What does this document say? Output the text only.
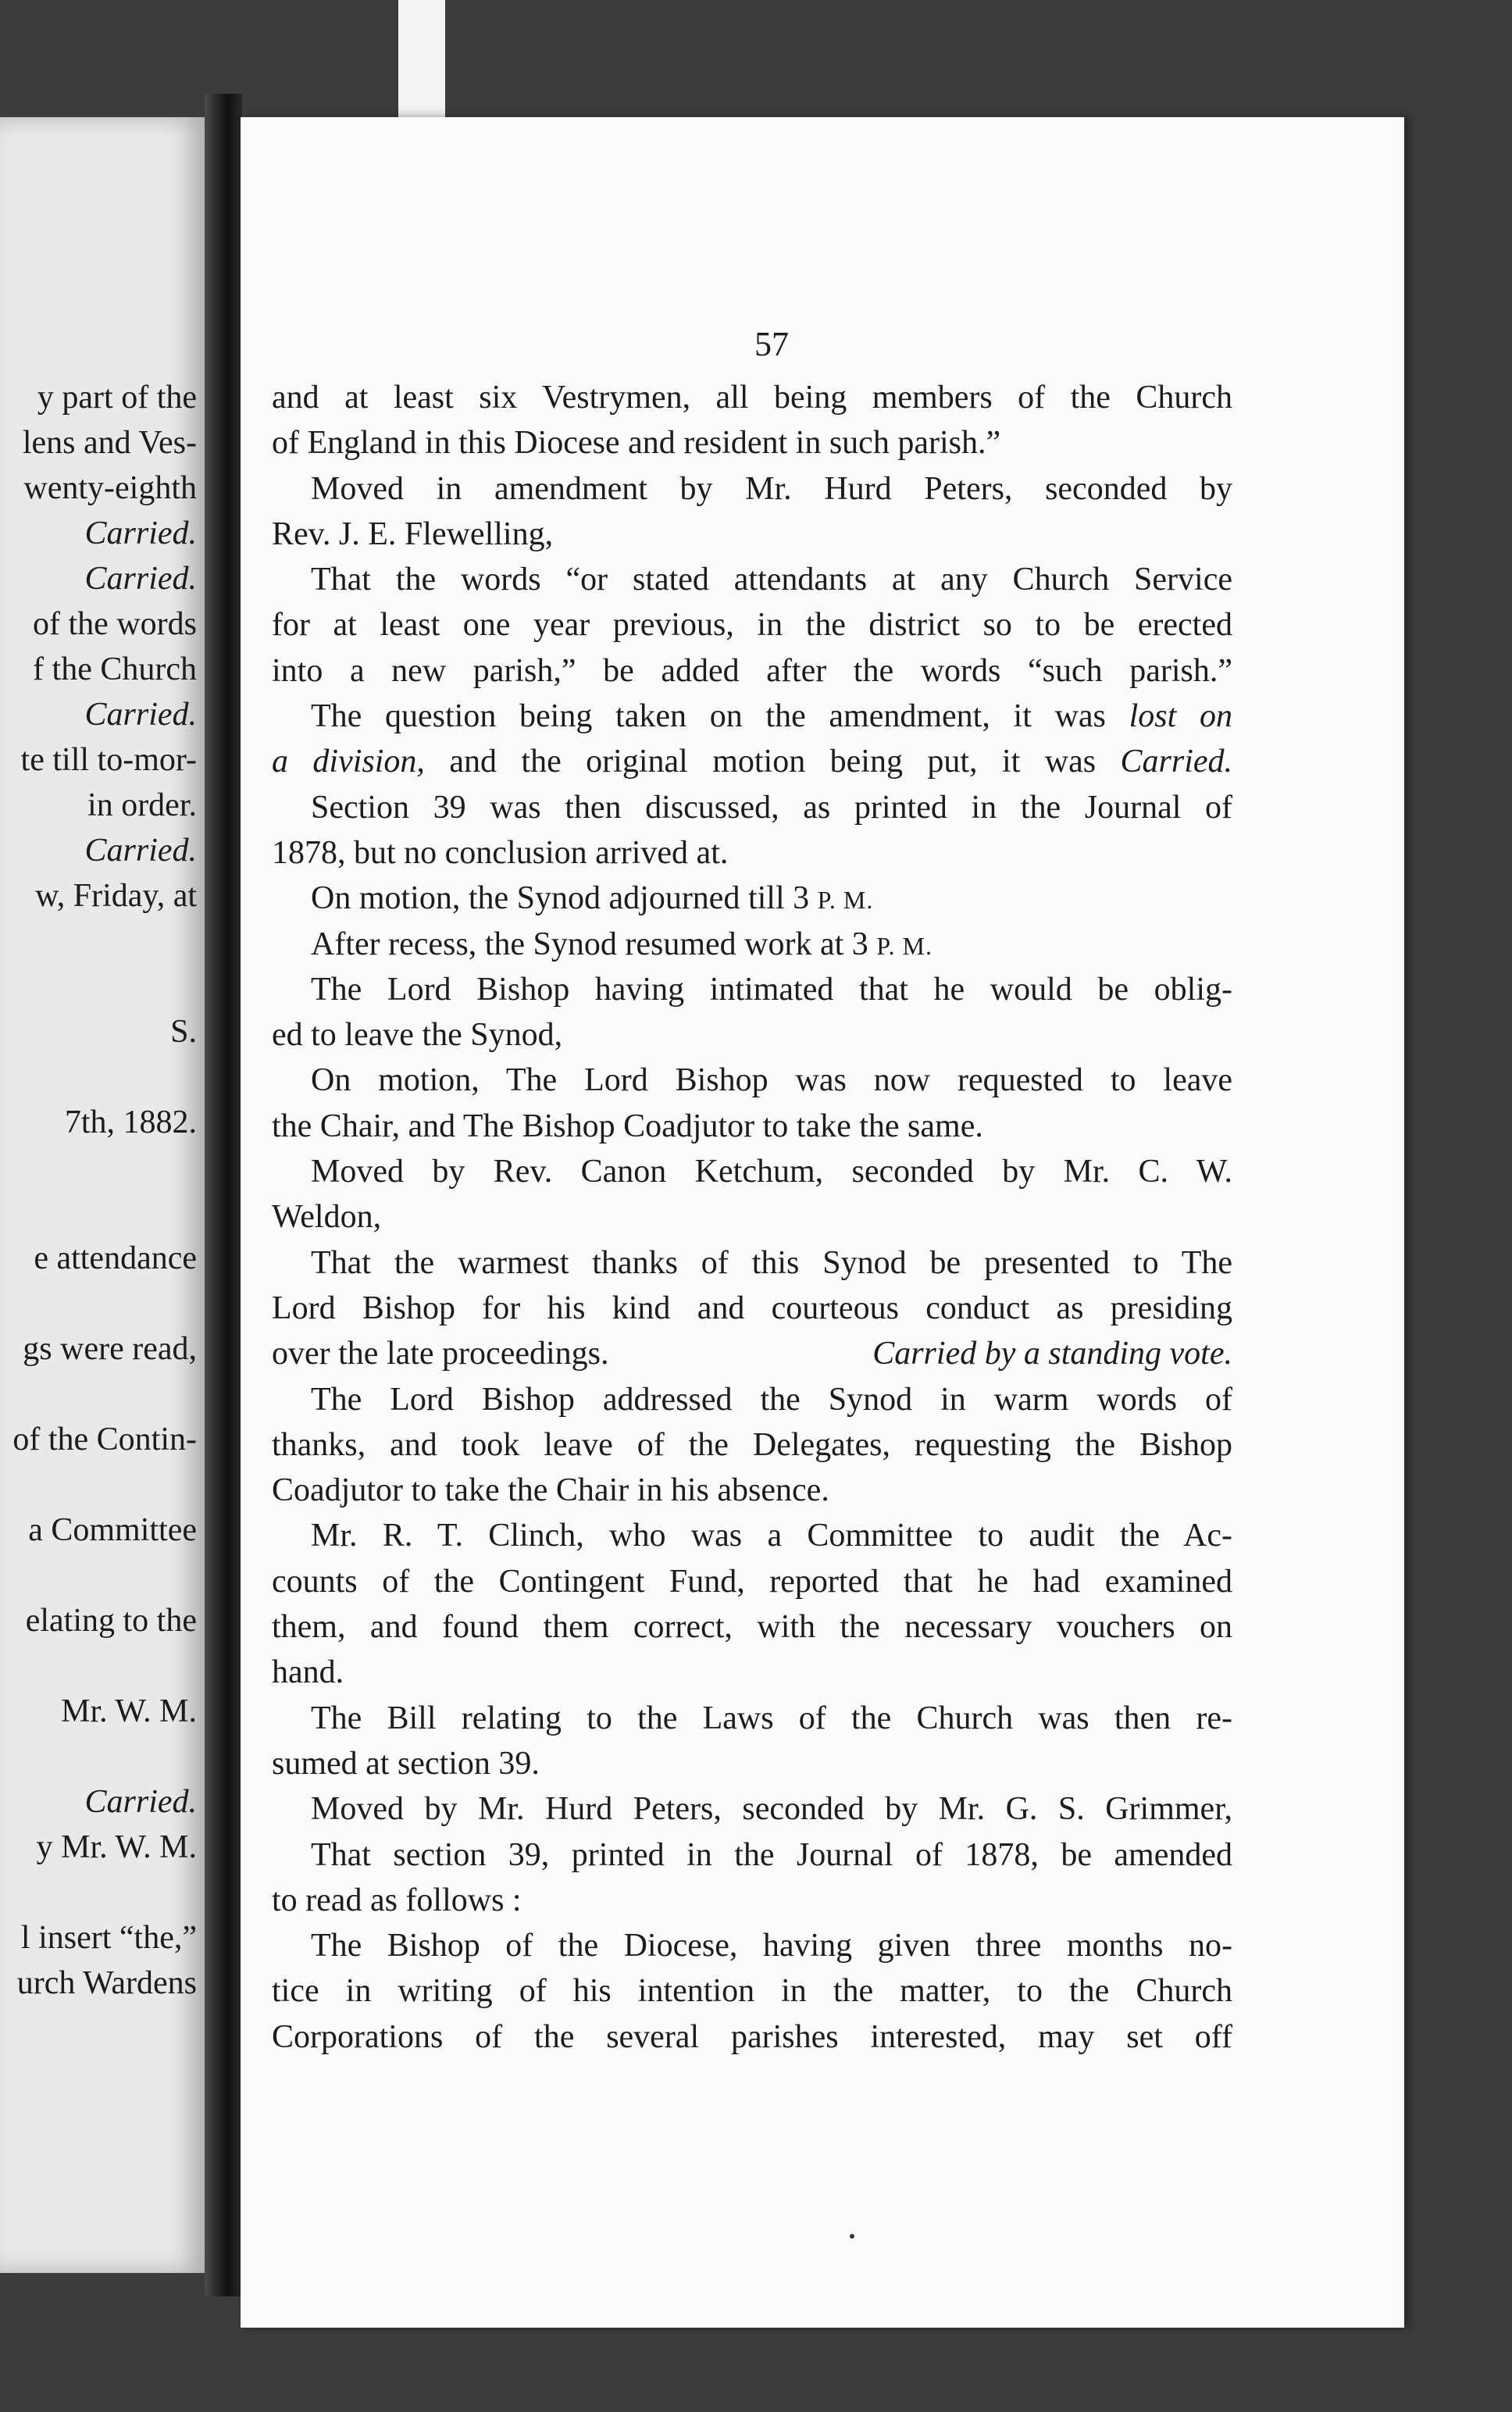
y part of the
lens and Ves-
wenty-eighth
Carried.
Carried.
of the words
f the Church
Carried.
te till to-mor-
in order.
Carried.
w, Friday, at
S.
7th, 1882.
e attendance
gs were read,
of the Contin-
a Committee
elating to the
Mr. W. M.
Carried.
y Mr. W. M.
l insert “the,”
urch Wardens
57
and at least six Vestrymen, all being members of the Church
of England in this Diocese and resident in such parish.”
Moved in amendment by Mr. Hurd Peters, seconded by
Rev. J. E. Flewelling,
That the words “or stated attendants at any Church Service
for at least one year previous, in the district so to be erected
into a new parish,” be added after the words “such parish.”
The question being taken on the amendment, it was lost on
a division, and the original motion being put, it was Carried.
Section 39 was then discussed, as printed in the Journal of
1878, but no conclusion arrived at.
On motion, the Synod adjourned till 3 P. M.
After recess, the Synod resumed work at 3 P. M.
The Lord Bishop having intimated that he would be oblig-
ed to leave the Synod,
On motion, The Lord Bishop was now requested to leave
the Chair, and The Bishop Coadjutor to take the same.
Moved by Rev. Canon Ketchum, seconded by Mr. C. W.
Weldon,
That the warmest thanks of this Synod be presented to The
Lord Bishop for his kind and courteous conduct as presiding
over the late proceedings.	Carried by a standing vote.
The Lord Bishop addressed the Synod in warm words of
thanks, and took leave of the Delegates, requesting the Bishop
Coadjutor to take the Chair in his absence.
Mr. R. T. Clinch, who was a Committee to audit the Ac-
counts of the Contingent Fund, reported that he had examined
them, and found them correct, with the necessary vouchers on
hand.
The Bill relating to the Laws of the Church was then re-
sumed at section 39.
Moved by Mr. Hurd Peters, seconded by Mr. G. S. Grimmer,
That section 39, printed in the Journal of 1878, be amended
to read as follows :
The Bishop of the Diocese, having given three months no-
tice in writing of his intention in the matter, to the Church
Corporations of the several parishes interested, may set off
